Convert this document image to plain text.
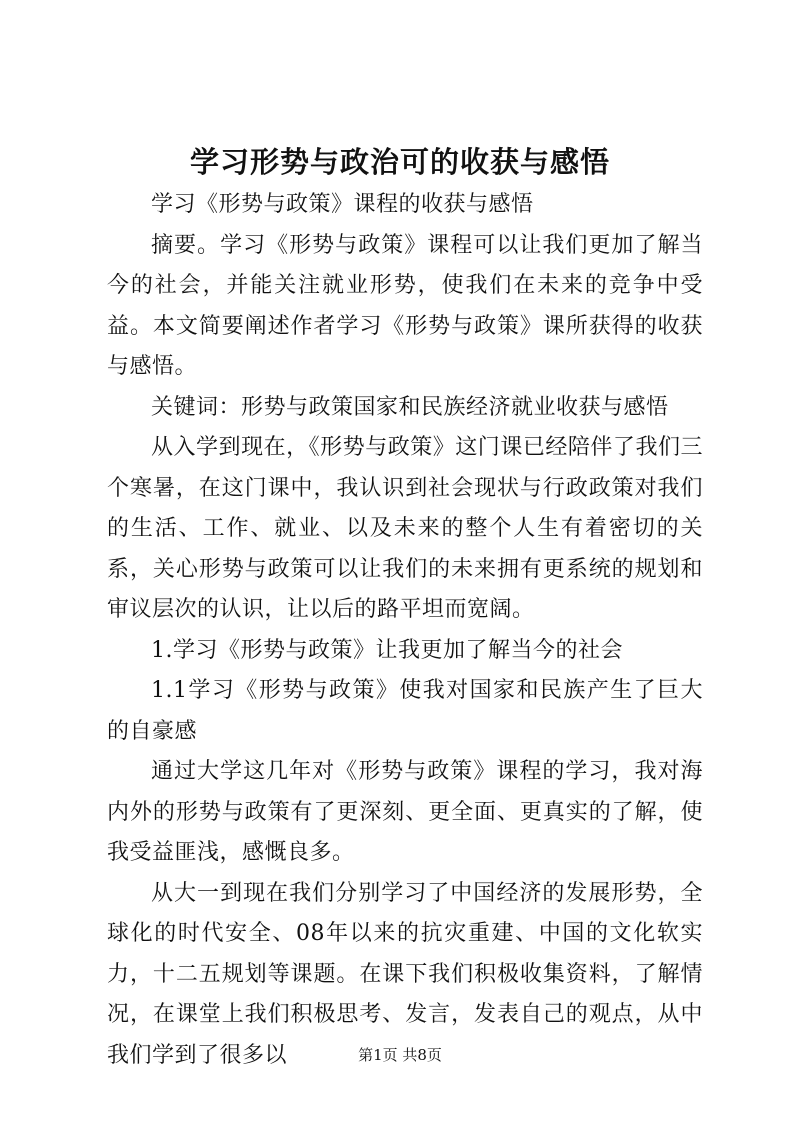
学习形势与政治可的收获与感悟

学习《形势与政策》课程的收获与感悟

摘要。学习《形势与政策》课程可以让我们更加了解当今的社会，并能关注就业形势，使我们在未来的竞争中受益。本文简要阐述作者学习《形势与政策》课所获得的收获与感悟。

关键词：形势与政策国家和民族经济就业收获与感悟

从入学到现在，《形势与政策》这门课已经陪伴了我们三个寒暑，在这门课中，我认识到社会现状与行政政策对我们的生活、工作、就业、以及未来的整个人生有着密切的关系，关心形势与政策可以让我们的未来拥有更系统的规划和审议层次的认识，让以后的路平坦而宽阔。

1.学习《形势与政策》让我更加了解当今的社会

1.1学习《形势与政策》使我对国家和民族产生了巨大的自豪感

通过大学这几年对《形势与政策》课程的学习，我对海内外的形势与政策有了更深刻、更全面、更真实的了解，使我受益匪浅，感慨良多。

从大一到现在我们分别学习了中国经济的发展形势，全球化的时代安全、08年以来的抗灾重建、中国的文化软实力，十二五规划等课题。在课下我们积极收集资料，了解情况，在课堂上我们积极思考、发言，发表自己的观点，从中我们学到了很多以	第1页 共8页
